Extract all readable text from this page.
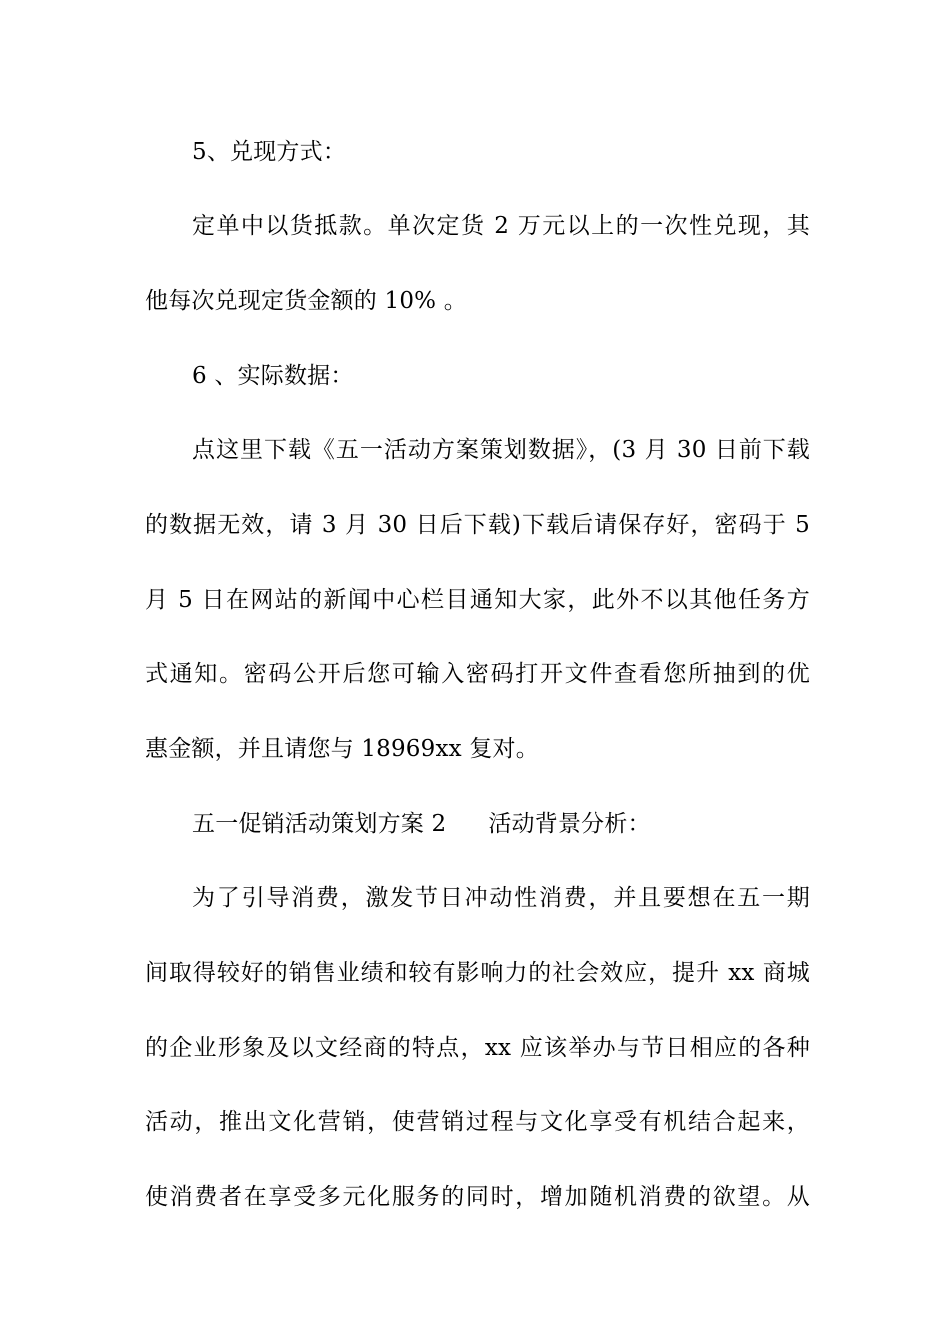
5、兑现方式：
定单中以货抵款。单次定货 2 万元以上的一次性兑现，其
他每次兑现定货金额的 10% 。
6 、实际数据：
点这里下载《五一活动方案策划数据》，(3 月 30 日前下载
的数据无效，请 3 月 30 日后下载)下载后请保存好，密码于 5
月 5 日在网站的新闻中心栏目通知大家，此外不以其他任务方
式通知。密码公开后您可输入密码打开文件查看您所抽到的优
惠金额，并且请您与 18969xx 复对。
五一促销活动策划方案 2 活动背景分析：
为了引导消费，激发节日冲动性消费，并且要想在五一期
间取得较好的销售业绩和较有影响力的社会效应，提升 xx 商城
的企业形象及以文经商的特点，xx 应该举办与节日相应的各种
活动，推出文化营销，使营销过程与文化享受有机结合起来，
使消费者在享受多元化服务的同时，增加随机消费的欲望。从
